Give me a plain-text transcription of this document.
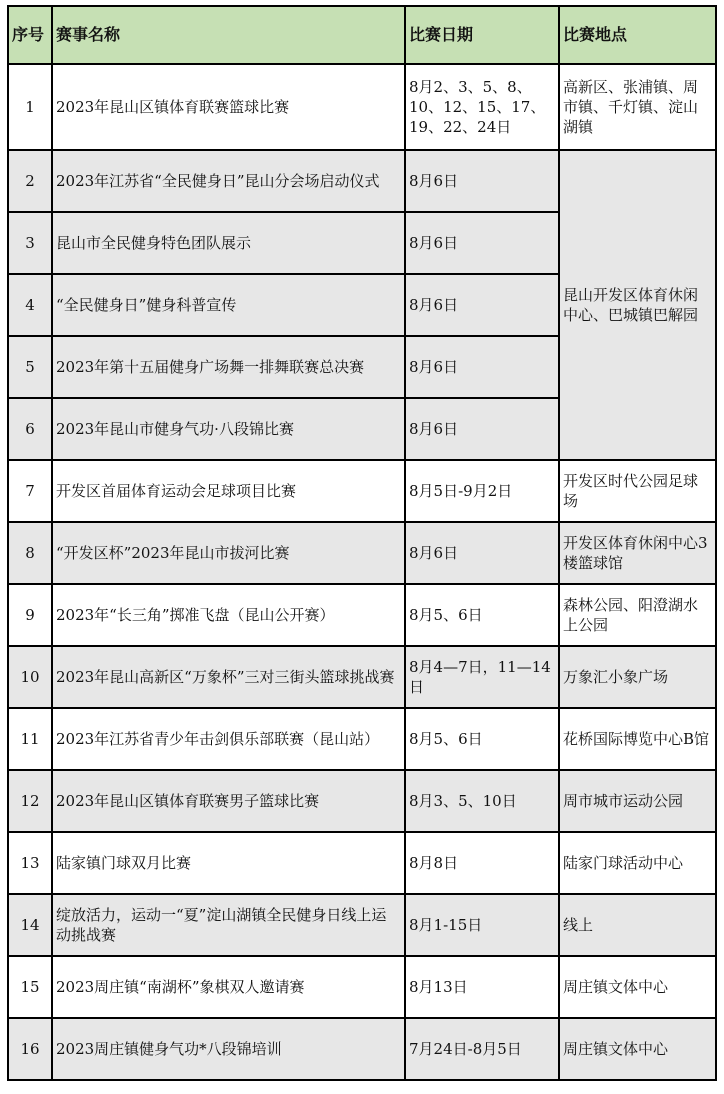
序号	赛事名称	比赛日期	比赛地点
1	2023年昆山区镇体育联赛篮球比赛	8月2、3、5、8、10、12、15、17、19、22、24日	高新区、张浦镇、周市镇、千灯镇、淀山湖镇
2	2023年江苏省“全民健身日”昆山分会场启动仪式	8月6日	昆山开发区体育休闲中心、巴城镇巴解园
3	昆山市全民健身特色团队展示	8月6日	
4	“全民健身日”健身科普宣传	8月6日	
5	2023年第十五届健身广场舞一排舞联赛总决赛	8月6日	
6	2023年昆山市健身气功·八段锦比赛	8月6日	
7	开发区首届体育运动会足球项目比赛	8月5日-9月2日	开发区时代公园足球场
8	“开发区杯”2023年昆山市拔河比赛	8月6日	开发区体育休闲中心3楼篮球馆
9	2023年“长三角”掷准飞盘（昆山公开赛）	8月5、6日	森林公园、阳澄湖水上公园
10	2023年昆山高新区“万象杯”三对三街头篮球挑战赛	8月4—7日，11—14日	万象汇小象广场
11	2023年江苏省青少年击剑俱乐部联赛（昆山站）	8月5、6日	花桥国际博览中心B馆
12	2023年昆山区镇体育联赛男子篮球比赛	8月3、5、10日	周市城市运动公园
13	陆家镇门球双月比赛	8月8日	陆家门球活动中心
14	绽放活力，运动一“夏”淀山湖镇全民健身日线上运动挑战赛	8月1-15日	线上
15	2023周庄镇“南湖杯”象棋双人邀请赛	8月13日	周庄镇文体中心
16	2023周庄镇健身气功*八段锦培训	7月24日-8月5日	周庄镇文体中心
